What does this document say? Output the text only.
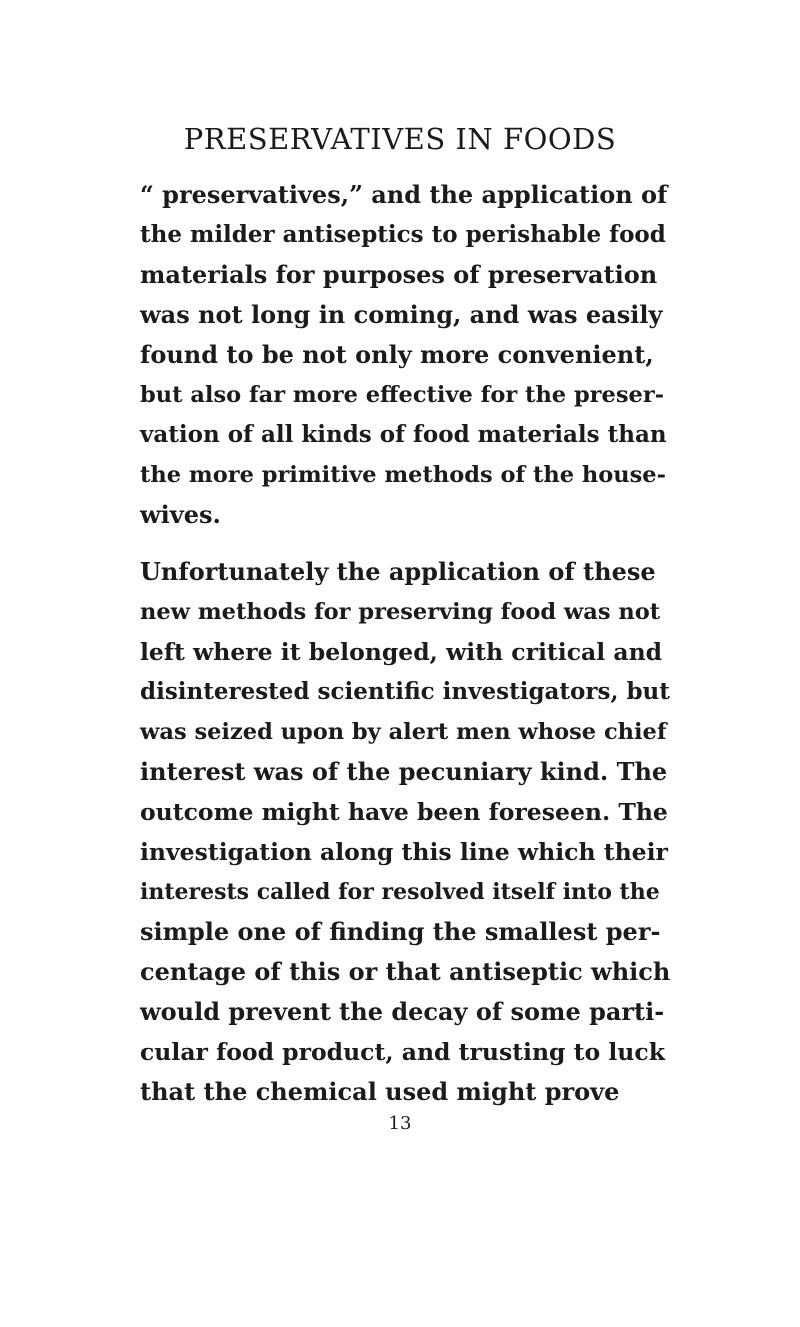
PRESERVATIVES IN FOODS
“ preservatives,” and the application of
the milder antiseptics to perishable food
materials for purposes of preservation
was not long in coming, and was easily
found to be not only more convenient,
but also far more effective for the preser-
vation of all kinds of food materials than
the more primitive methods of the house-
wives.
Unfortunately the application of these
new methods for preserving food was not
left where it belonged, with critical and
disinterested scientific investigators, but
was seized upon by alert men whose chief
interest was of the pecuniary kind. The
outcome might have been foreseen. The
investigation along this line which their
interests called for resolved itself into the
simple one of finding the smallest per-
centage of this or that antiseptic which
would prevent the decay of some parti-
cular food product, and trusting to luck
that the chemical used might prove
13
